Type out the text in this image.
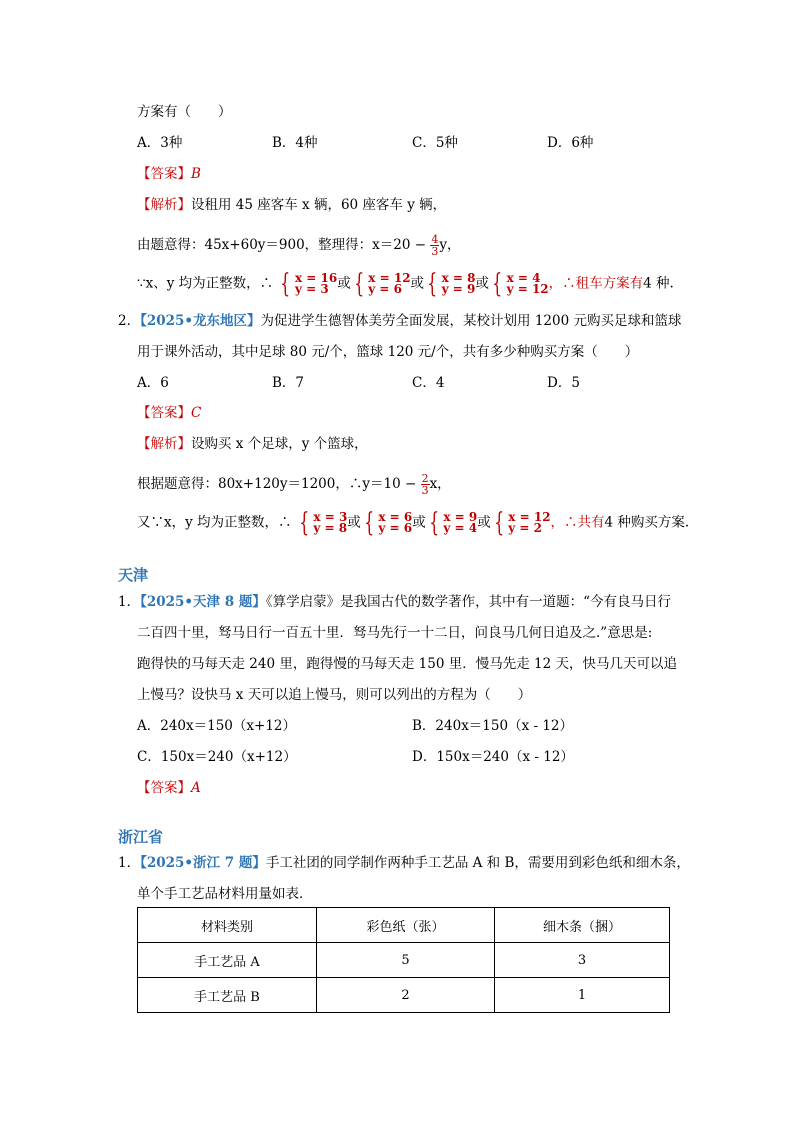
方案有（　　）
A．3种	B．4种	C．5种	D．6种
【答案】B
【解析】设租用 45 座客车 x 辆，60 座客车 y 辆，
由题意得：45x+60y＝900，整理得：$x=20 - \frac{4}{3}$ y，
∵x、y 均为正整数，∴ { x = 16
y = 3 或 { x = 12
y = 6 或 { x = 8
y = 9 或 { x = 4
y = 12 ，∴租车方案有4 种.
2．【2025•龙东地区】为促进学生德智体美劳全面发展，某校计划用 1200 元购买足球和篮球
用于课外活动，其中足球 80 元/个，篮球 120 元/个，共有多少种购买方案（　　）
A．6	B．7	C．4	D．5
【答案】C
【解析】设购买 x 个足球，y 个篮球，
根据题意得：80x+120y＝1200，∴y＝10 − $\frac{2}{3}$ x，
又∵x，y 均为正整数，∴ { x = 3
y = 8 或 { x = 6
y = 6 或 { x = 9
y = 4 或 { x = 12
y = 2 ，∴共有4 种购买方案.
天津
1．【2025•天津 8 题】《算学启蒙》是我国古代的数学著作，其中有一道题：“今有良马日行
二百四十里，驽马日行一百五十里．驽马先行一十二日，问良马几何日追及之.”意思是:
跑得快的马每天走 240 里，跑得慢的马每天走 150 里．慢马先走 12 天，快马几天可以追
上慢马？设快马 x 天可以追上慢马，则可以列出的方程为（　　）
A．240x＝150（x+12）	B．240x＝150（x - 12）
C．150x＝240（x+12）	D．150x＝240（x - 12）
【答案】A
浙江省
1．【2025•浙江 7 题】手工社团的同学制作两种手工艺品 A 和 B，需要用到彩色纸和细木条，
单个手工艺品材料用量如表．
材料类别	彩色纸（张）	细木条（捆）
手工艺品 A	5	3
手工艺品 B	2	1
